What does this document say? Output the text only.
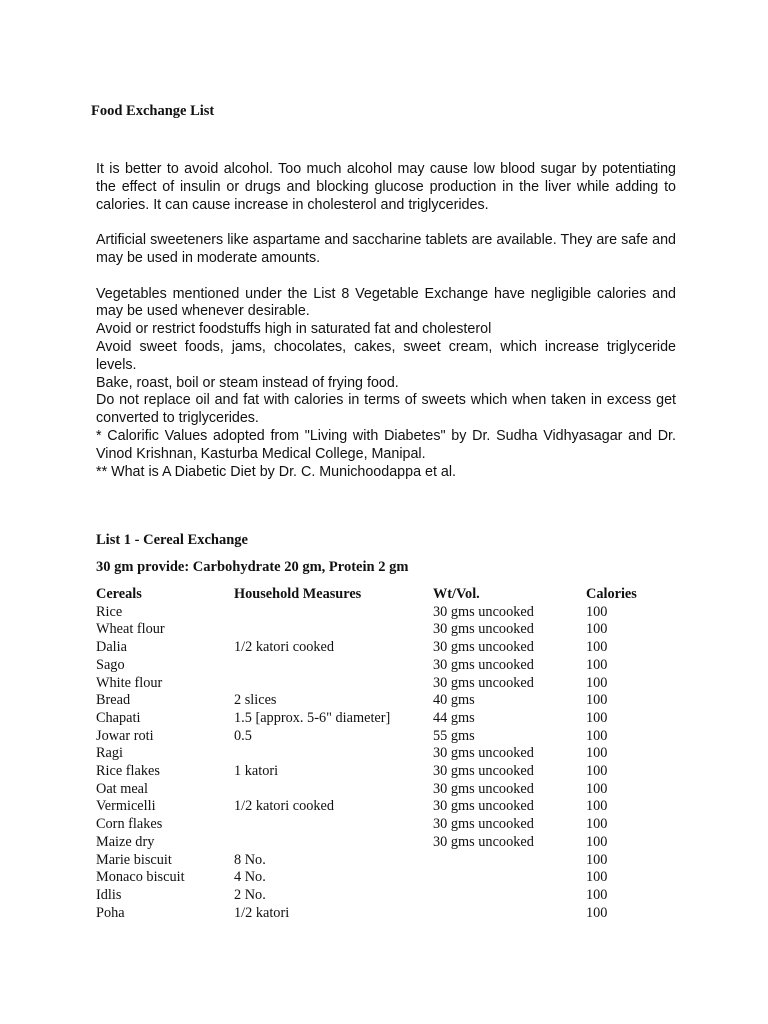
Food Exchange List

It is better to avoid alcohol. Too much alcohol may cause low blood sugar by potentiating the effect of insulin or drugs and blocking glucose production in the liver while adding to calories. It can cause increase in cholesterol and triglycerides.

Artificial sweeteners like aspartame and saccharine tablets are available. They are safe and may be used in moderate amounts.

Vegetables mentioned under the List 8 Vegetable Exchange have negligible calories and may be used whenever desirable.

Avoid or restrict foodstuffs high in saturated fat and cholesterol

Avoid sweet foods, jams, chocolates, cakes, sweet cream, which increase triglyceride levels.

Bake, roast, boil or steam instead of frying food.

Do not replace oil and fat with calories in terms of sweets which when taken in excess get converted to triglycerides.

* Calorific Values adopted from "Living with Diabetes" by Dr. Sudha Vidhyasagar and Dr. Vinod Krishnan, Kasturba Medical College, Manipal.

** What is A Diabetic Diet by Dr. C. Munichoodappa et al.

List 1 - Cereal Exchange
30 gm provide: Carbohydrate 20 gm, Protein 2 gm
Cereals	Household Measures	Wt/Vol.	Calories
Rice		30 gms uncooked	100
Wheat flour		30 gms uncooked	100
Dalia	1/2 katori cooked	30 gms uncooked	100
Sago		30 gms uncooked	100
White flour		30 gms uncooked	100
Bread	2 slices	40 gms	100
Chapati	1.5 [approx. 5-6" diameter]	44 gms	100
Jowar roti	0.5	55 gms	100
Ragi		30 gms uncooked	100
Rice flakes	1 katori	30 gms uncooked	100
Oat meal		30 gms uncooked	100
Vermicelli	1/2 katori cooked	30 gms uncooked	100
Corn flakes		30 gms uncooked	100
Maize dry		30 gms uncooked	100
Marie biscuit	8 No.		100
Monaco biscuit	4 No.		100
Idlis	2 No.		100
Poha	1/2 katori		100
